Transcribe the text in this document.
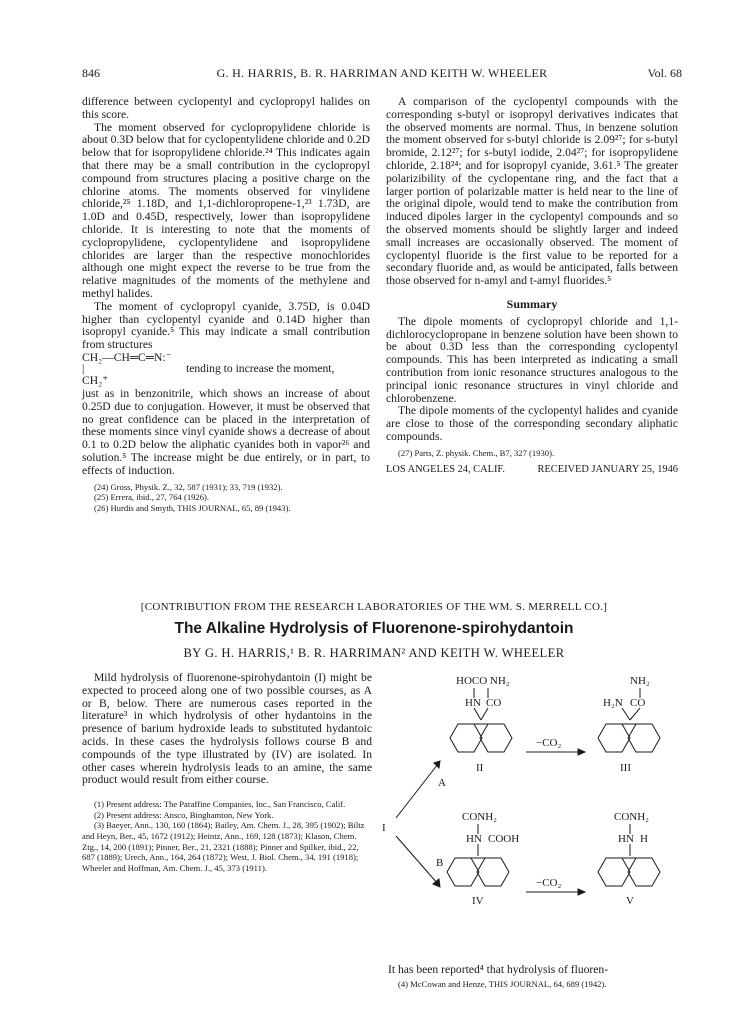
846	G. H. HARRIS, B. R. HARRIMAN AND KEITH W. WHEELER	Vol. 68

difference between cyclopentyl and cyclopropyl halides on this score.

The moment observed for cyclopropylidene chloride is about 0.3D below that for cyclopentylidene chloride and 0.2D below that for isopropylidene chloride.²⁴ This indicates again that there may be a small contribution in the cyclopropyl compound from structures placing a positive charge on the chlorine atoms. The moments observed for vinylidene chloride,²⁵ 1.18D, and 1,1-dichloropropene-1,²³ 1.73D, are 1.0D and 0.45D, respectively, lower than isopropylidene chloride. It is interesting to note that the moments of cyclopropylidene, cyclopentylidene and isopropylidene chlorides are larger than the respective monochlorides although one might expect the reverse to be true from the relative magnitudes of the moments of the methylene and methyl halides.

The moment of cyclopropyl cyanide, 3.75D, is 0.04D higher than cyclopentyl cyanide and 0.14D higher than isopropyl cyanide.⁵ This may indicate a small contribution from structures

CH₂—CH═C═N:⁻
|
CH₂⁺
tending to increase the moment,

just as in benzonitrile, which shows an increase of about 0.25D due to conjugation. However, it must be observed that no great confidence can be placed in the interpretation of these moments since vinyl cyanide shows a decrease of about 0.1 to 0.2D below the aliphatic cyanides both in vapor²⁶ and solution.⁵ The increase might be due entirely, or in part, to effects of induction.

(24) Gross, Physik. Z., 32, 587 (1931); 33, 719 (1932).

(25) Errera, ibid., 27, 764 (1926).

(26) Hurdis and Smyth, THIS JOURNAL, 65, 89 (1943).

A comparison of the cyclopentyl compounds with the corresponding s-butyl or isopropyl derivatives indicates that the observed moments are normal. Thus, in benzene solution the moment observed for s-butyl chloride is 2.09²⁷; for s-butyl bromide, 2.12²⁷; for s-butyl iodide, 2.04²⁷; for isopropylidene chloride, 2.18²⁴; and for isopropyl cyanide, 3.61.⁵ The greater polarizibility of the cyclopentane ring, and the fact that a larger portion of polarizable matter is held near to the line of the original dipole, would tend to make the contribution from induced dipoles larger in the cyclopentyl compounds and so the observed moments should be slightly larger and indeed small increases are occasionally observed. The moment of cyclopentyl fluoride is the first value to be reported for a secondary fluoride and, as would be anticipated, falls between those observed for n-amyl and t-amyl fluorides.⁵

Summary

The dipole moments of cyclopropyl chloride and 1,1-dichlorocyclopropane in benzene solution have been shown to be about 0.3D less than the corresponding cyclopentyl compounds. This has been interpreted as indicating a small contribution from ionic resonance structures analogous to the principal ionic resonance structures in vinyl chloride and chlorobenzene.

The dipole moments of the cyclopentyl halides and cyanide are close to those of the corresponding secondary aliphatic compounds.

(27) Parts, Z. physik. Chem., B7, 327 (1930).

LOS ANGELES 24, CALIF.	RECEIVED JANUARY 25, 1946
[CONTRIBUTION FROM THE RESEARCH LABORATORIES OF THE WM. S. MERRELL CO.]
The Alkaline Hydrolysis of Fluorenone-spirohydantoin
BY G. H. HARRIS,¹ B. R. HARRIMAN² AND KEITH W. WHEELER

Mild hydrolysis of fluorenone-spirohydantoin (I) might be expected to proceed along one of two possible courses, as A or B, below. There are numerous cases reported in the literature³ in which hydrolysis of other hydantoins in the presence of barium hydroxide leads to substituted hydantoic acids. In these cases the hydrolysis follows course B and compounds of the type illustrated by (IV) are isolated. In other cases wherein hydrolysis leads to an amine, the same product would result from either course.

(1) Present address: The Paraffine Companies, Inc., San Francisco, Calif.

(2) Present address: Ansco, Binghamton, New York.

(3) Baeyer, Ann., 130, 160 (1864); Bailey, Am. Chem. J., 28, 395 (1902); Biltz and Heyn, Ber., 45, 1672 (1912); Heintz, Ann., 169, 128 (1873); Klason, Chem. Ztg., 14, 200 (1891); Pinner, Ber., 21, 2321 (1888); Pinner and Spilker, ibid., 22, 687 (1889); Urech, Ann., 164, 264 (1872); West, J. Biol. Chem., 34, 191 (1918); Wheeler and Hoffman, Am. Chem. J., 45, 373 (1911).

HOCO NH₂
HN CO
II
NH₂
H₂N CO
III
−CO₂
A
I
B
CONH₂
HN COOH
IV
CONH₂
HN H
V
−CO₂
It has been reported⁴ that hydrolysis of fluoren-

(4) McCowan and Henze, THIS JOURNAL, 64, 689 (1942).
